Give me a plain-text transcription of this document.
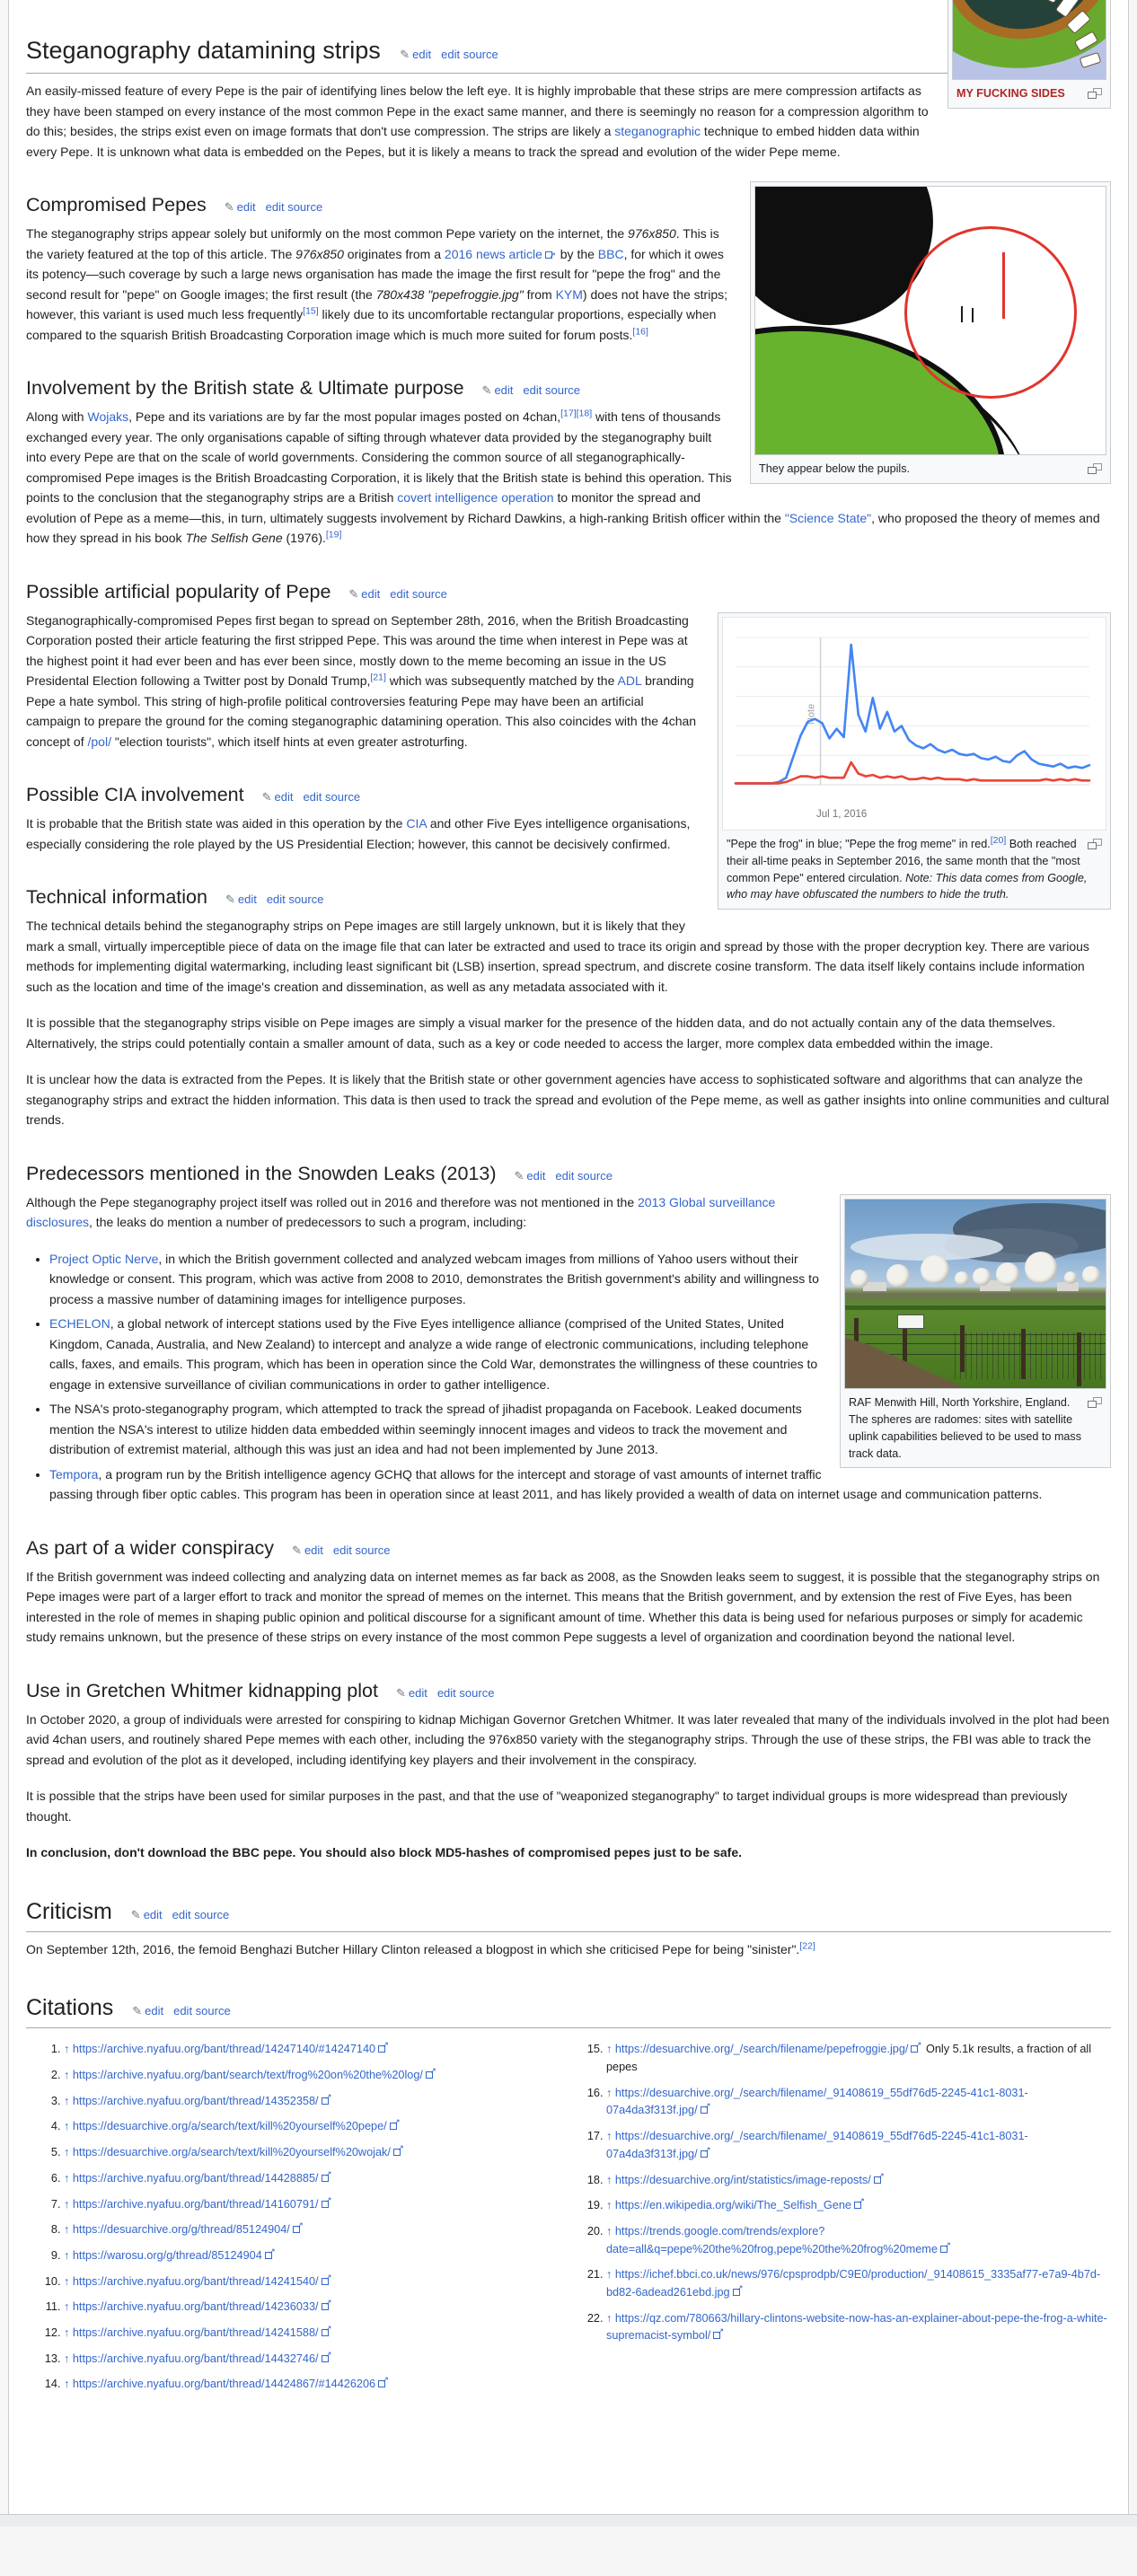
MY FUCKING SIDES
Steganography datamining strips ✎ edit edit source

An easily-missed feature of every Pepe is the pair of identifying lines below the left eye. It is highly improbable that these strips are mere compression artifacts as they have been stamped on every instance of the most common Pepe in the exact same manner, and there is seemingly no reason for a compression algorithm to do this; besides, the strips exist even on image formats that don't use compression. The strips are likely a steganographic technique to embed hidden data within every Pepe. It is unknown what data is embedded on the Pepes, but it is likely a means to track the spread and evolution of the wider Pepe meme.

They appear below the pupils.
Compromised Pepes ✎ edit edit source

The steganography strips appear solely but uniformly on the most common Pepe variety on the internet, the 976x850. This is the variety featured at the top of this article. The 976x850 originates from a 2016 news article↗ by the BBC, for which it owes its potency—such coverage by such a large news organisation has made the image the first result for "pepe the frog" and the second result for "pepe" on Google images; the first result (the 780x438 "pepefroggie.jpg" from KYM) does not have the strips; however, this variant is used much less frequently[15] likely due to its uncomfortable rectangular proportions, especially when compared to the squarish British Broadcasting Corporation image which is much more suited for forum posts.[16]

Involvement by the British state & Ultimate purpose ✎ edit edit source

Along with Wojaks, Pepe and its variations are by far the most popular images posted on 4chan,[17][18] with tens of thousands exchanged every year. The only organisations capable of sifting through whatever data provided by the steganography built into every Pepe are that on the scale of world governments. Considering the common source of all steganographically-compromised Pepe images is the British Broadcasting Corporation, it is likely that the British state is behind this operation. This points to the conclusion that the steganography strips are a British covert intelligence operation to monitor the spread and evolution of Pepe as a meme—this, in turn, ultimately suggests involvement by Richard Dawkins, a high-ranking British officer within the "Science State", who proposed the theory of memes and how they spread in his book The Selfish Gene (1976).[19]

Possible artificial popularity of Pepe ✎ edit edit source
Note
Jul 1, 2016
"Pepe the frog" in blue; "Pepe the frog meme" in red.[20] Both reached their all-time peaks in September 2016, the same month that the "most common Pepe" entered circulation. Note: This data comes from Google, who may have obfuscated the numbers to hide the truth.

Steganographically-compromised Pepes first began to spread on September 28th, 2016, when the British Broadcasting Corporation posted their article featuring the first stripped Pepe. This was around the time when interest in Pepe was at the highest point it had ever been and has ever been since, mostly down to the meme becoming an issue in the US Presidental Election following a Twitter post by Donald Trump,[21] which was subsequently matched by the ADL branding Pepe a hate symbol. This string of high-profile political controversies featuring Pepe may have been an artificial campaign to prepare the ground for the coming steganographic datamining operation. This also coincides with the 4chan concept of /pol/ "election tourists", which itself hints at even greater astroturfing.

Possible CIA involvement ✎ edit edit source

It is probable that the British state was aided in this operation by the CIA and other Five Eyes intelligence organisations, especially considering the role played by the US Presidential Election; however, this cannot be decisively confirmed.

Technical information ✎ edit edit source

The technical details behind the steganography strips on Pepe images are still largely unknown, but it is likely that they mark a small, virtually imperceptible piece of data on the image file that can later be extracted and used to trace its origin and spread by those with the proper decryption key. There are various methods for implementing digital watermarking, including least significant bit (LSB) insertion, spread spectrum, and discrete cosine transform. The data itself likely contains include information such as the location and time of the image's creation and dissemination, as well as any metadata associated with it.

It is possible that the steganography strips visible on Pepe images are simply a visual marker for the presence of the hidden data, and do not actually contain any of the data themselves. Alternatively, the strips could potentially contain a smaller amount of data, such as a key or code needed to access the larger, more complex data embedded within the image.

It is unclear how the data is extracted from the Pepes. It is likely that the British state or other government agencies have access to sophisticated software and algorithms that can analyze the steganography strips and extract the hidden information. This data is then used to track the spread and evolution of the Pepe meme, as well as gather insights into online communities and cultural trends.

Predecessors mentioned in the Snowden Leaks (2013) ✎ edit edit source
RAF Menwith Hill, North Yorkshire, England. The spheres are radomes: sites with satellite uplink capabilities believed to be used to mass track data.

Although the Pepe steganography project itself was rolled out in 2016 and therefore was not mentioned in the 2013 Global surveillance disclosures, the leaks do mention a number of predecessors to such a program, including:

• Project Optic Nerve, in which the British government collected and analyzed webcam images from millions of Yahoo users without their knowledge or consent. This program, which was active from 2008 to 2010, demonstrates the British government's ability and willingness to process a massive number of datamining images for intelligence purposes.
• ECHELON, a global network of intercept stations used by the Five Eyes intelligence alliance (comprised of the United States, United Kingdom, Canada, Australia, and New Zealand) to intercept and analyze a wide range of electronic communications, including telephone calls, faxes, and emails. This program, which has been in operation since the Cold War, demonstrates the willingness of these countries to engage in extensive surveillance of civilian communications in order to gather intelligence.
• The NSA's proto-steganography program, which attempted to track the spread of jihadist propaganda on Facebook. Leaked documents mention the NSA's interest to utilize hidden data embedded within seemingly innocent images and videos to track the movement and distribution of extremist material, although this was just an idea and had not been implemented by June 2013.
• Tempora, a program run by the British intelligence agency GCHQ that allows for the intercept and storage of vast amounts of internet traffic passing through fiber optic cables. This program has been in operation since at least 2011, and has likely provided a wealth of data on internet usage and communication patterns.
As part of a wider conspiracy ✎ edit edit source

If the British government was indeed collecting and analyzing data on internet memes as far back as 2008, as the Snowden leaks seem to suggest, it is possible that the steganography strips on Pepe images were part of a larger effort to track and monitor the spread of memes on the internet. This means that the British government, and by extension the rest of Five Eyes, has been interested in the role of memes in shaping public opinion and political discourse for a significant amount of time. Whether this data is being used for nefarious purposes or simply for academic study remains unknown, but the presence of these strips on every instance of the most common Pepe suggests a level of organization and coordination beyond the national level.

Use in Gretchen Whitmer kidnapping plot ✎ edit edit source

In October 2020, a group of individuals were arrested for conspiring to kidnap Michigan Governor Gretchen Whitmer. It was later revealed that many of the individuals involved in the plot had been avid 4chan users, and routinely shared Pepe memes with each other, including the 976x850 variety with the steganography strips. Through the use of these strips, the FBI was able to track the spread and evolution of the plot as it developed, including identifying key players and their involvement in the conspiracy.

It is possible that the strips have been used for similar purposes in the past, and that the use of "weaponized steganography" to target individual groups is more widespread than previously thought.

In conclusion, don't download the BBC pepe. You should also block MD5-hashes of compromised pepes just to be safe.

Criticism ✎ edit edit source

On September 12th, 2016, the femoid Benghazi Butcher Hillary Clinton released a blogpost in which she criticised Pepe for being "sinister".[22]

Citations ✎ edit edit source
1. ↑ https://archive.nyafuu.org/bant/thread/14247140/#14247140↗
2. ↑ https://archive.nyafuu.org/bant/search/text/frog%20on%20the%20log/↗
3. ↑ https://archive.nyafuu.org/bant/thread/14352358/↗
4. ↑ https://desuarchive.org/a/search/text/kill%20yourself%20pepe/↗
5. ↑ https://desuarchive.org/a/search/text/kill%20yourself%20wojak/↗
6. ↑ https://archive.nyafuu.org/bant/thread/14428885/↗
7. ↑ https://archive.nyafuu.org/bant/thread/14160791/↗
8. ↑ https://desuarchive.org/g/thread/85124904/↗
9. ↑ https://warosu.org/g/thread/85124904↗
10. ↑ https://archive.nyafuu.org/bant/thread/14241540/↗
11. ↑ https://archive.nyafuu.org/bant/thread/14236033/↗
12. ↑ https://archive.nyafuu.org/bant/thread/14241588/↗
13. ↑ https://archive.nyafuu.org/bant/thread/14432746/↗
14. ↑ https://archive.nyafuu.org/bant/thread/14424867/#14426206↗
15. ↑ https://desuarchive.org/_/search/filename/pepefroggie.jpg/↗ Only 5.1k results, a fraction of all pepes
16. ↑ https://desuarchive.org/_/search/filename/_91408619_55df76d5-2245-41c1-8031-07a4da3f313f.jpg/↗
17. ↑ https://desuarchive.org/_/search/filename/_91408619_55df76d5-2245-41c1-8031-07a4da3f313f.jpg/↗
18. ↑ https://desuarchive.org/int/statistics/image-reposts/↗
19. ↑ https://en.wikipedia.org/wiki/The_Selfish_Gene↗
20. ↑ https://trends.google.com/trends/explore?date=all&q=pepe%20the%20frog,pepe%20the%20frog%20meme↗
21. ↑ https://ichef.bbci.co.uk/news/976/cpsprodpb/C9E0/production/_91408615_3335af77-e7a9-4b7d-bd82-6adead261ebd.jpg↗
22. ↑ https://qz.com/780663/hillary-clintons-website-now-has-an-explainer-about-pepe-the-frog-a-white-supremacist-symbol/↗
